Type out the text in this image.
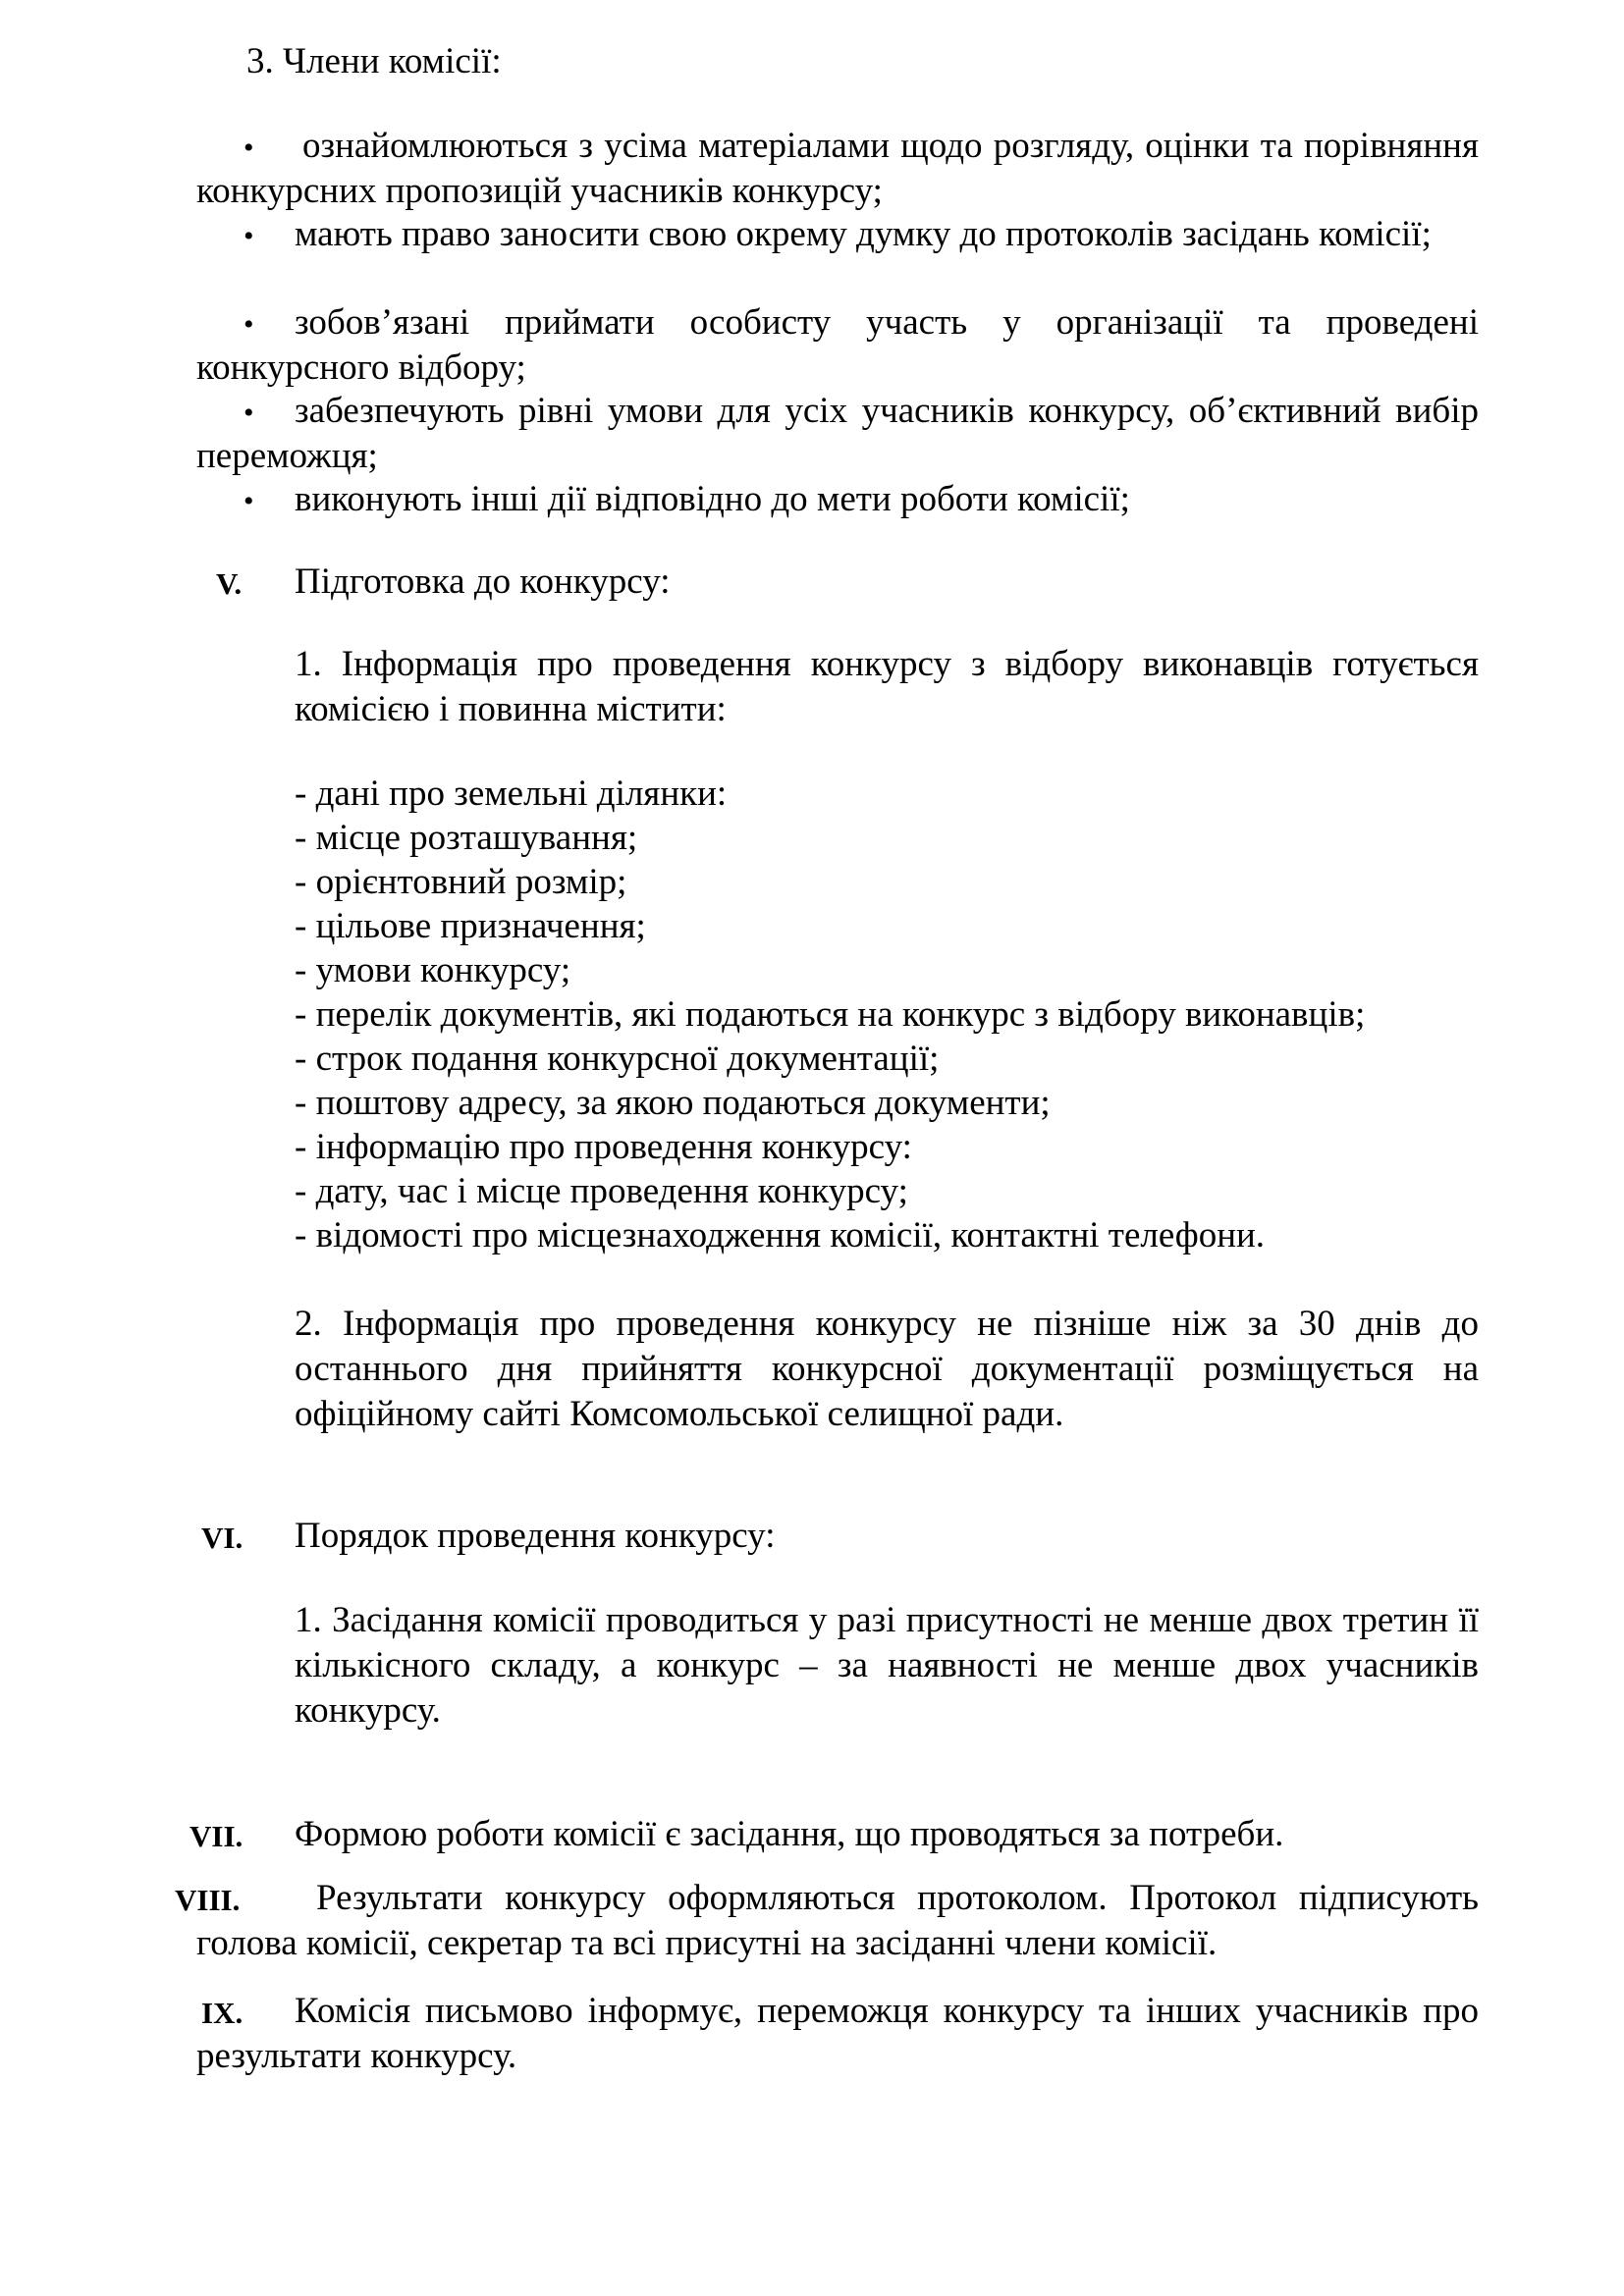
3. Члени комісії:
•	ознайомлюються з усіма матеріалами щодо розгляду, оцінки та порівняння конкурсних пропозицій учасників конкурсу;
• мають право заносити свою окрему думку до протоколів засідань комісії;
•	зобов’язані приймати особисту участь у організації та проведені конкурсного відбору;
•	забезпечують рівні умови для усіх учасників конкурсу, об’єктивний вибір переможця;
• виконують інші дії відповідно до мети роботи комісії;
V. Підготовка до конкурсу:
1. Інформація про проведення конкурсу з відбору виконавців готується комісією і повинна містити:
- дані про земельні ділянки:
- місце розташування;
- орієнтовний розмір;
- цільове призначення;
- умови конкурсу;
- перелік документів, які подаються на конкурс з відбору виконавців;
- строк подання конкурсної документації;
- поштову адресу, за якою подаються документи;
- інформацію про проведення конкурсу:
- дату, час і місце проведення конкурсу;
- відомості про місцезнаходження комісії, контактні телефони.
2. Інформація про проведення конкурсу не пізніше ніж за 30 днів до останнього дня прийняття конкурсної документації розміщується на офіційному сайті Комсомольської селищної ради.
VI. Порядок проведення конкурсу:
1. Засідання комісії проводиться у разі присутності не менше двох третин її кількісного складу, а конкурс – за наявності не менше двох учасників конкурсу.
VII. Формою роботи комісії є засідання, що проводяться за потреби.
VIII.	Результати конкурсу оформляються протоколом. Протокол підписують голова комісії, секретар та всі присутні на засіданні члени комісії.
IX.	Комісія письмово інформує, переможця конкурсу та інших учасників про результати конкурсу.
